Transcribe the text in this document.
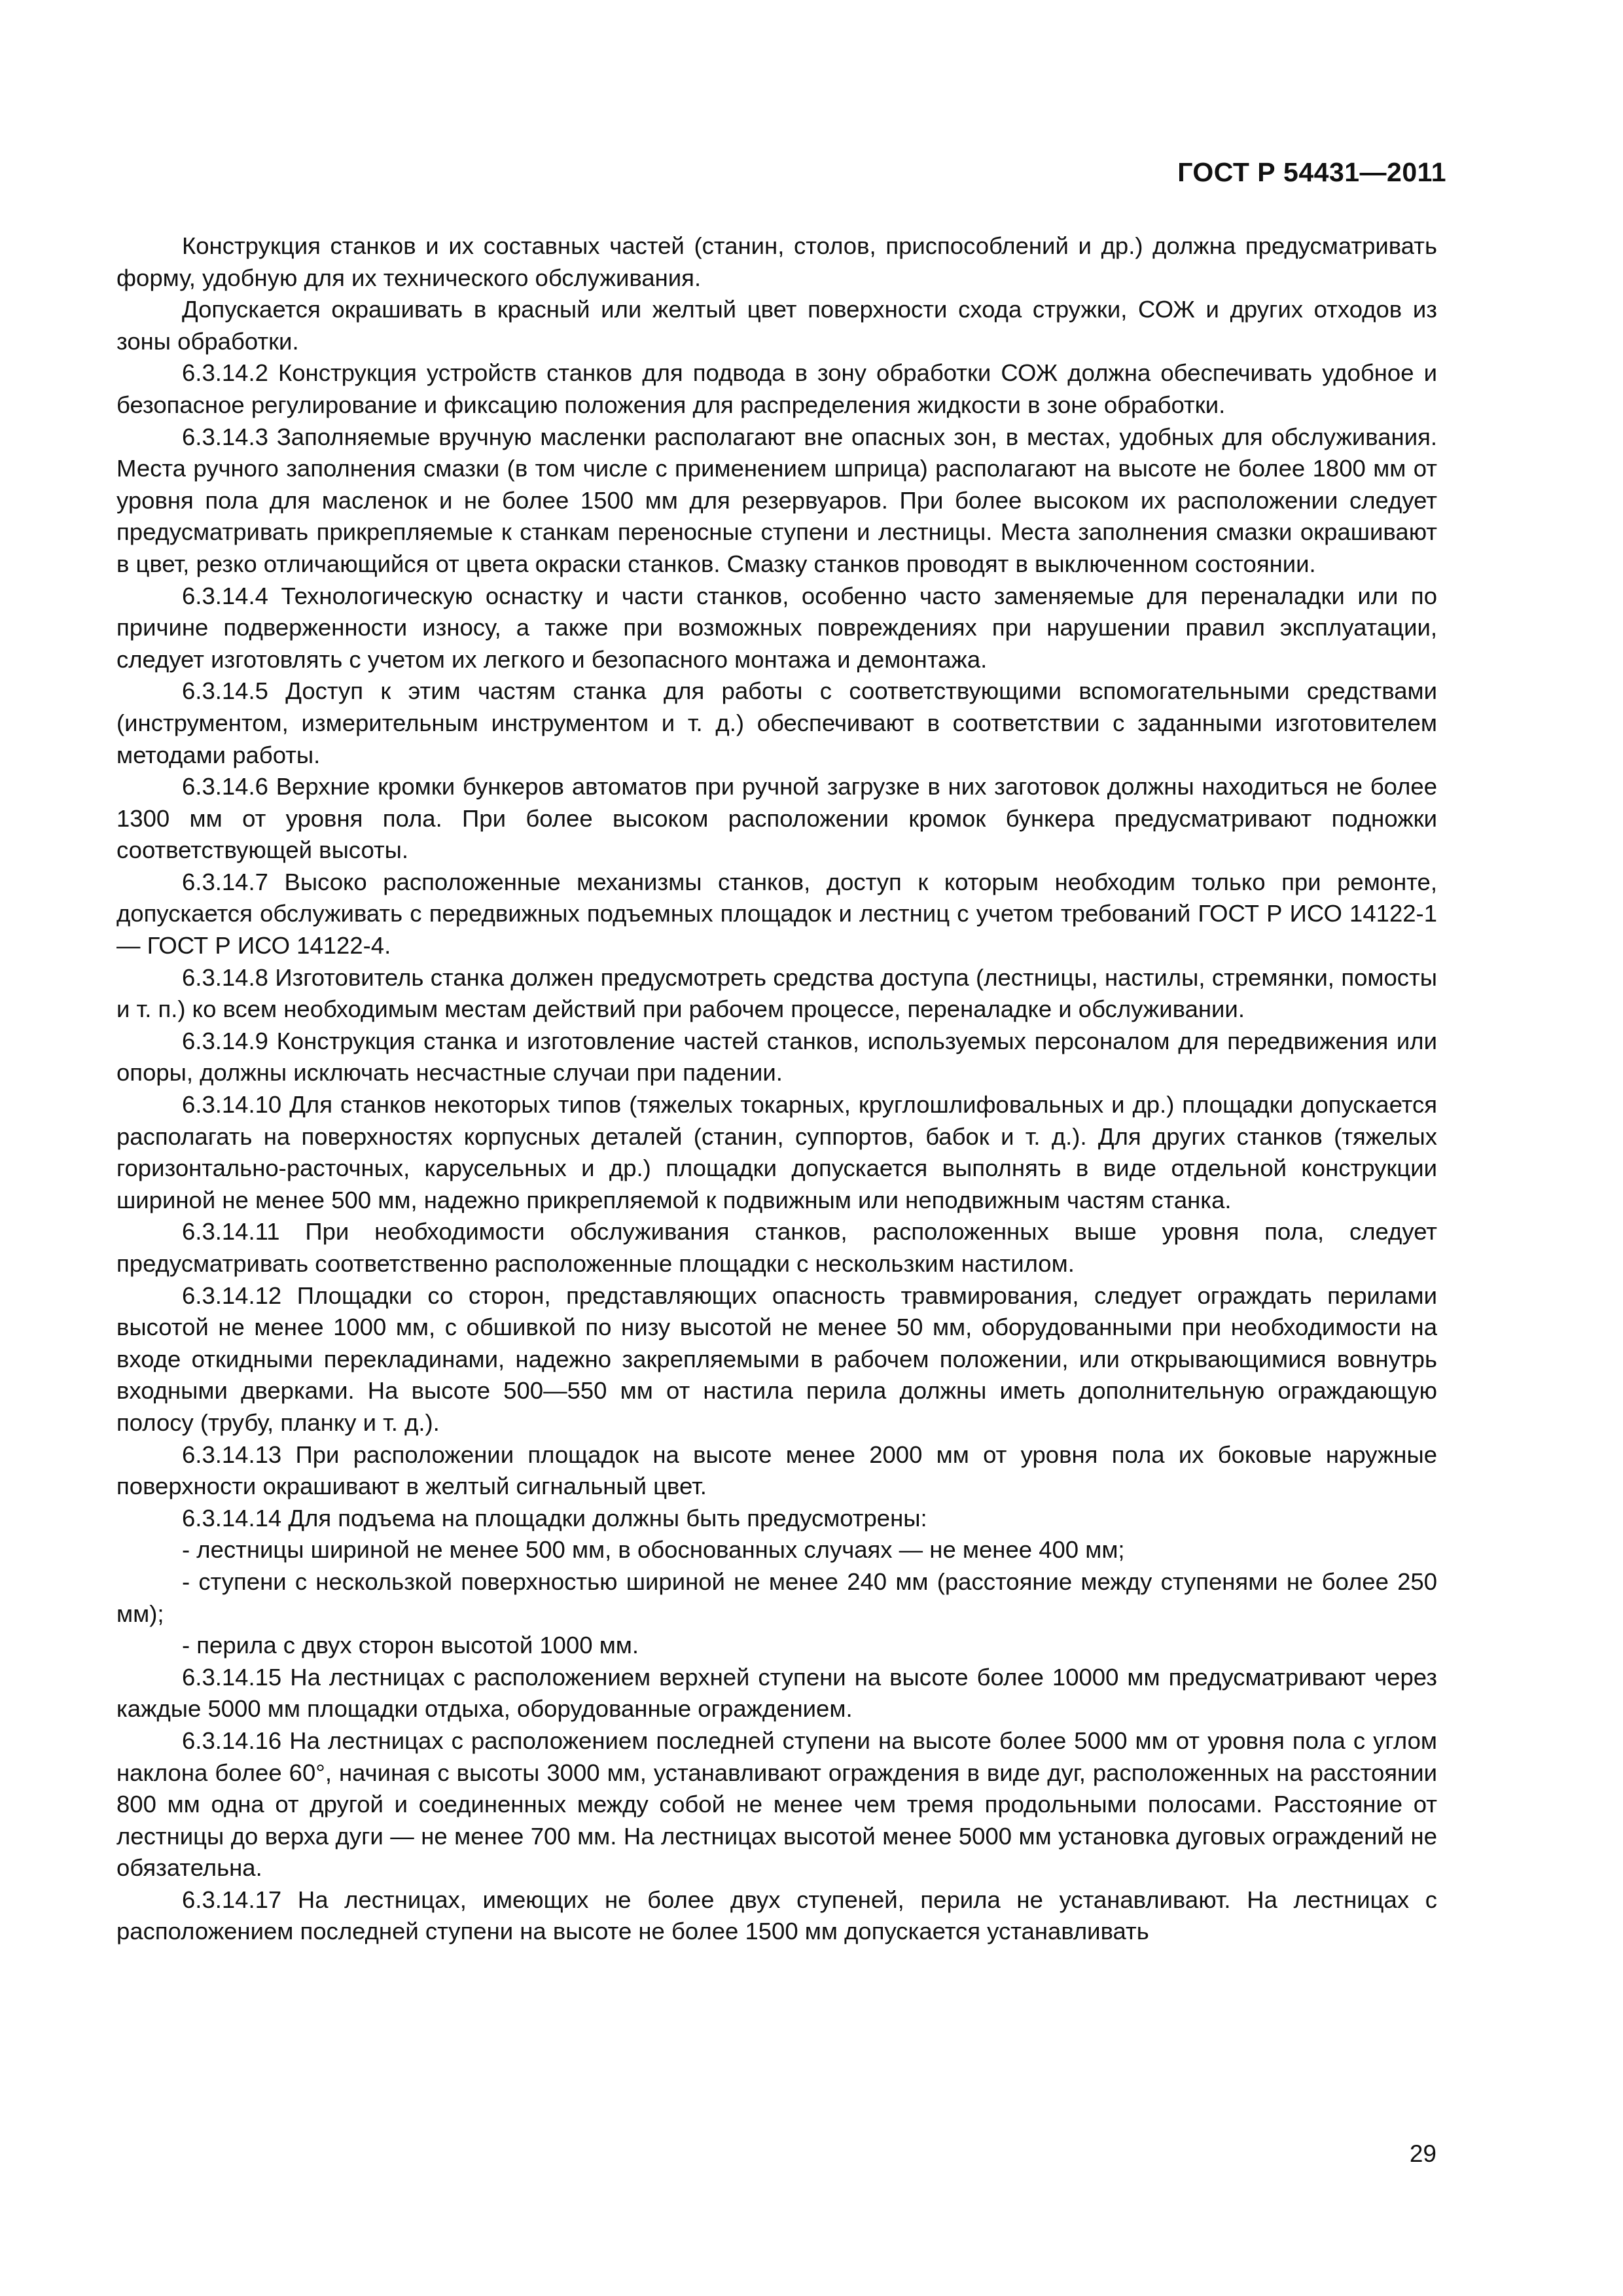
ГОСТ Р 54431—2011

Конструкция станков и их составных частей (станин, столов, приспособлений и др.) должна предусматривать форму, удобную для их технического обслуживания.

Допускается окрашивать в красный или желтый цвет поверхности схода стружки, СОЖ и других отходов из зоны обработки.

6.3.14.2 Конструкция устройств станков для подвода в зону обработки СОЖ должна обеспечивать удобное и безопасное регулирование и фиксацию положения для распределения жидкости в зоне обработки.

6.3.14.3 Заполняемые вручную масленки располагают вне опасных зон, в местах, удобных для обслуживания. Места ручного заполнения смазки (в том числе с применением шприца) располагают на высоте не более 1800 мм от уровня пола для масленок и не более 1500 мм для резервуаров. При более высоком их расположении следует предусматривать прикрепляемые к станкам переносные ступени и лестницы. Места заполнения смазки окрашивают в цвет, резко отличающийся от цвета окраски станков. Смазку станков проводят в выключенном состоянии.

6.3.14.4 Технологическую оснастку и части станков, особенно часто заменяемые для переналадки или по причине подверженности износу, а также при возможных повреждениях при нарушении правил эксплуатации, следует изготовлять с учетом их легкого и безопасного монтажа и демонтажа.

6.3.14.5 Доступ к этим частям станка для работы с соответствующими вспомогательными средствами (инструментом, измерительным инструментом и т. д.) обеспечивают в соответствии с заданными изготовителем методами работы.

6.3.14.6 Верхние кромки бункеров автоматов при ручной загрузке в них заготовок должны находиться не более 1300 мм от уровня пола. При более высоком расположении кромок бункера предусматривают подножки соответствующей высоты.

6.3.14.7 Высоко расположенные механизмы станков, доступ к которым необходим только при ремонте, допускается обслуживать с передвижных подъемных площадок и лестниц с учетом требований ГОСТ Р ИСО 14122-1 — ГОСТ Р ИСО 14122-4.

6.3.14.8 Изготовитель станка должен предусмотреть средства доступа (лестницы, настилы, стремянки, помосты и т. п.) ко всем необходимым местам действий при рабочем процессе, переналадке и обслуживании.

6.3.14.9 Конструкция станка и изготовление частей станков, используемых персоналом для передвижения или опоры, должны исключать несчастные случаи при падении.

6.3.14.10 Для станков некоторых типов (тяжелых токарных, круглошлифовальных и др.) площадки допускается располагать на поверхностях корпусных деталей (станин, суппортов, бабок и т. д.). Для других станков (тяжелых горизонтально-расточных, карусельных и др.) площадки допускается выполнять в виде отдельной конструкции шириной не менее 500 мм, надежно прикрепляемой к подвижным или неподвижным частям станка.

6.3.14.11 При необходимости обслуживания станков, расположенных выше уровня пола, следует предусматривать соответственно расположенные площадки с нескользким настилом.

6.3.14.12 Площадки со сторон, представляющих опасность травмирования, следует ограждать перилами высотой не менее 1000 мм, с обшивкой по низу высотой не менее 50 мм, оборудованными при необходимости на входе откидными перекладинами, надежно закрепляемыми в рабочем положении, или открывающимися вовнутрь входными дверками. На высоте 500—550 мм от настила перила должны иметь дополнительную ограждающую полосу (трубу, планку и т. д.).

6.3.14.13 При расположении площадок на высоте менее 2000 мм от уровня пола их боковые наружные поверхности окрашивают в желтый сигнальный цвет.

6.3.14.14 Для подъема на площадки должны быть предусмотрены:

- лестницы шириной не менее 500 мм, в обоснованных случаях — не менее 400 мм;

- ступени с нескользкой поверхностью шириной не менее 240 мм (расстояние между ступенями не более 250 мм);

- перила с двух сторон высотой 1000 мм.

6.3.14.15 На лестницах с расположением верхней ступени на высоте более 10000 мм предусматривают через каждые 5000 мм площадки отдыха, оборудованные ограждением.

6.3.14.16 На лестницах с расположением последней ступени на высоте более 5000 мм от уровня пола с углом наклона более 60°, начиная с высоты 3000 мм, устанавливают ограждения в виде дуг, расположенных на расстоянии 800 мм одна от другой и соединенных между собой не менее чем тремя продольными полосами. Расстояние от лестницы до верха дуги — не менее 700 мм. На лестницах высотой менее 5000 мм установка дуговых ограждений не обязательна.

6.3.14.17 На лестницах, имеющих не более двух ступеней, перила не устанавливают. На лестницах с расположением последней ступени на высоте не более 1500 мм допускается устанавливать

29
